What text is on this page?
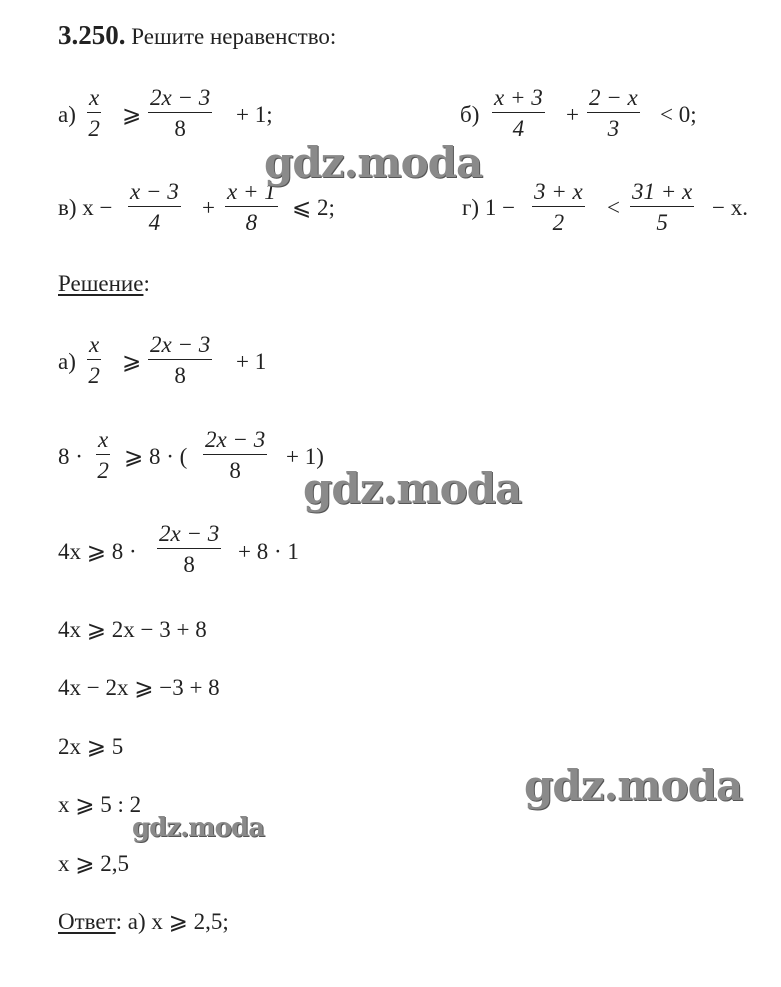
3.250. Решите неравенство:
а)
x
2
⩾
2x − 3
8
+ 1;	б)
x + 3
4
+
2 − x
3
< 0;
в) x −
x − 3
4
+
x + 1
8
⩽ 2;	г) 1 −
3 + x
2
<
31 + x
5
− x.
Решение:
а)
x
2
⩾
2x − 3
8
+ 1
8 ·
x
2
⩾ 8 · (
2x − 3
8
+ 1)
4x ⩾ 8 ·
2x − 3
8
+ 8 · 1
4x ⩾ 2x − 3 + 8
4x − 2x ⩾ −3 + 8
2x ⩾ 5
x ⩾ 5 : 2
x ⩾ 2,5
Ответ: а) x ⩾ 2,5;
gdz.moda
gdz.moda
gdz.moda
gdz.moda
